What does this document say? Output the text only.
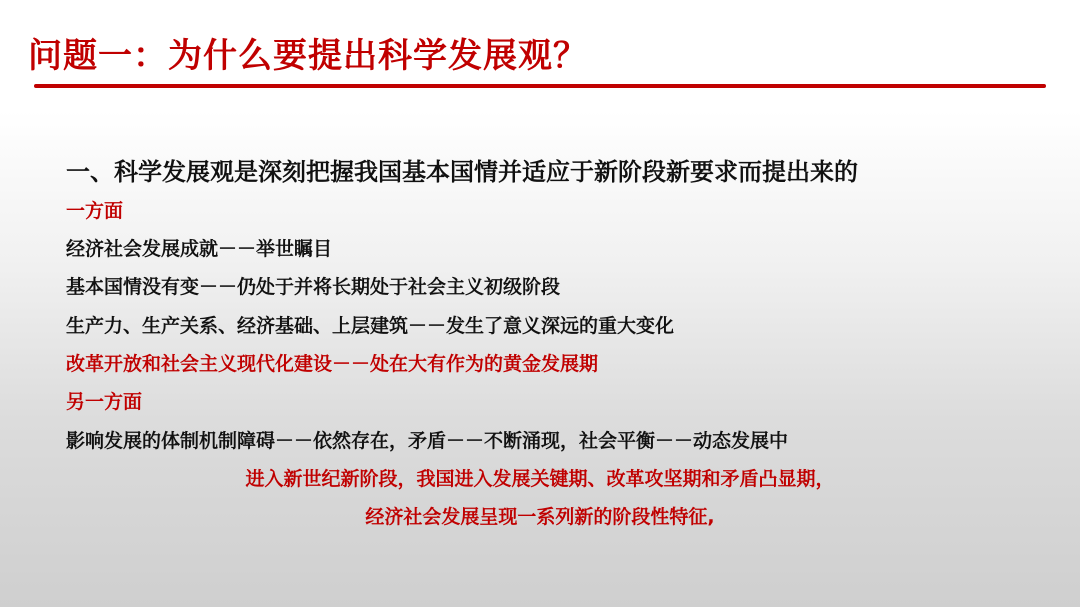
问题一：为什么要提出科学发展观？
一、科学发展观是深刻把握我国基本国情并适应于新阶段新要求而提出来的
一方面
经济社会发展成就－－举世瞩目
基本国情没有变－－仍处于并将长期处于社会主义初级阶段
生产力、生产关系、经济基础、上层建筑－－发生了意义深远的重大变化
改革开放和社会主义现代化建设－－处在大有作为的黄金发展期
另一方面
影响发展的体制机制障碍－－依然存在，矛盾－－不断涌现，社会平衡－－动态发展中
进入新世纪新阶段，我国进入发展关键期、改革攻坚期和矛盾凸显期，
经济社会发展呈现一系列新的阶段性特征,
